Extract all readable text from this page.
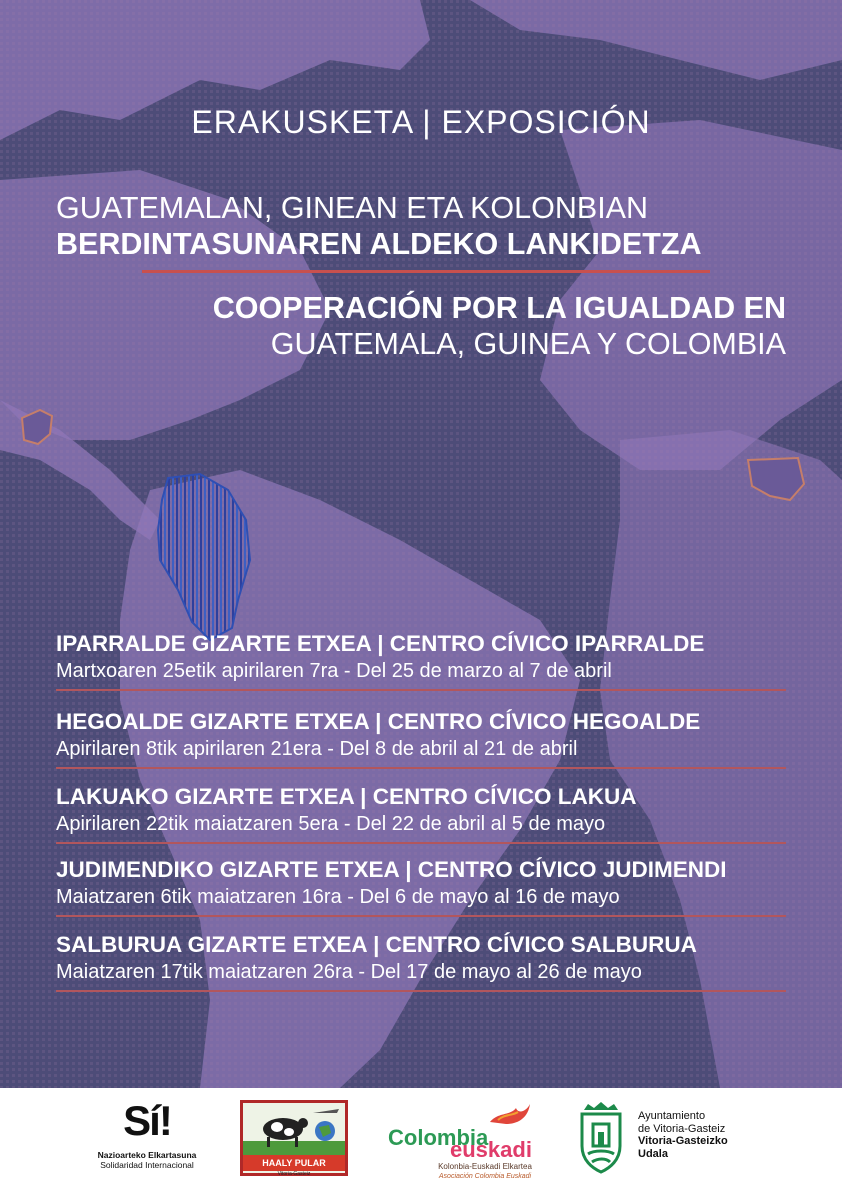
ERAKUSKETA | EXPOSICIÓN
GUATEMALAN, GINEAN ETA KOLONBIAN
BERDINTASUNAREN ALDEKO LANKIDETZA
COOPERACIÓN POR LA IGUALDAD EN
GUATEMALA, GUINEA Y COLOMBIA
IPARRALDE GIZARTE ETXEA | CENTRO CÍVICO IPARRALDE
Martxoaren 25etik apirilaren 7ra - Del 25 de marzo al 7 de abril
HEGOALDE GIZARTE ETXEA | CENTRO CÍVICO HEGOALDE
Apirilaren 8tik apirilaren 21era - Del 8 de abril al 21 de abril
LAKUAKO GIZARTE ETXEA | CENTRO CÍVICO LAKUA
Apirilaren 22tik maiatzaren 5era - Del 22 de abril al 5 de mayo
JUDIMENDIKO GIZARTE ETXEA | CENTRO CÍVICO JUDIMENDI
Maiatzaren 6tik maiatzaren 16ra - Del 6 de mayo al 16 de mayo
SALBURUA GIZARTE ETXEA | CENTRO CÍVICO SALBURUA
Maiatzaren 17tik maiatzaren 26ra - Del 17 de mayo al 26 de mayo
Sí!
Nazioarteko Elkartasuna
Solidaridad Internacional	HAALY PULAR
Vitoria-Gasteiz
Colombia
euskadi
Kolonbia-Euskadi Elkartea
Asociación Colombia Euskadi
Ayuntamiento
de Vitoria-Gasteiz
Vitoria-Gasteizko
Udala
